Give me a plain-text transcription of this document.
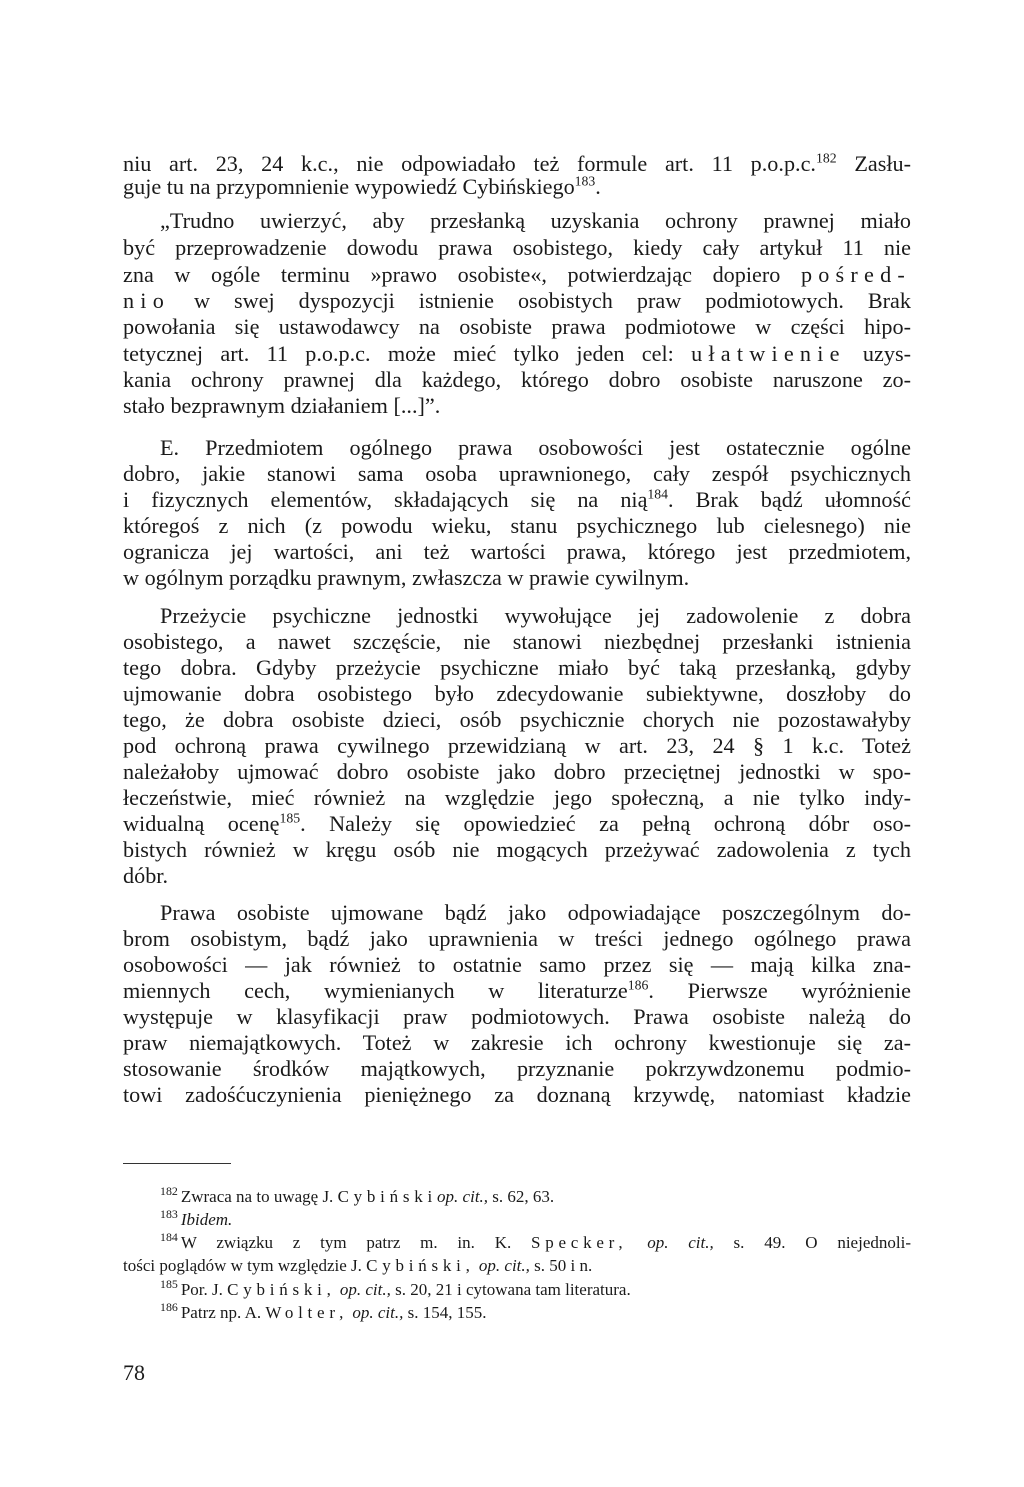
niu art. 23, 24 k.c., nie odpowiadało też formule art. 11 p.o.p.c.$^{182}$ Zasłu-
guje tu na przypomnienie wypowiedź Cybińskiego$^{183}$.
„Trudno uwierzyć, aby przesłanką uzyskania ochrony prawnej miało
być przeprowadzenie dowodu prawa osobistego, kiedy cały artykuł 11 nie
zna w ogóle terminu »prawo osobiste«, potwierdzając dopiero pośred-
nio w swej dyspozycji istnienie osobistych praw podmiotowych. Brak
powołania się ustawodawcy na osobiste prawa podmiotowe w części hipo-
tetycznej art. 11 p.o.p.c. może mieć tylko jeden cel: ułatwienie uzys-
kania ochrony prawnej dla każdego, którego dobro osobiste naruszone zo-
stało bezprawnym działaniem [...]”.
E. Przedmiotem ogólnego prawa osobowości jest ostatecznie ogólne
dobro, jakie stanowi sama osoba uprawnionego, cały zespół psychicznych
i fizycznych elementów, składających się na nią$^{184}$. Brak bądź ułomność
któregoś z nich (z powodu wieku, stanu psychicznego lub cielesnego) nie
ogranicza jej wartości, ani też wartości prawa, którego jest przedmiotem,
w ogólnym porządku prawnym, zwłaszcza w prawie cywilnym.
Przeżycie psychiczne jednostki wywołujące jej zadowolenie z dobra
osobistego, a nawet szczęście, nie stanowi niezbędnej przesłanki istnienia
tego dobra. Gdyby przeżycie psychiczne miało być taką przesłanką, gdyby
ujmowanie dobra osobistego było zdecydowanie subiektywne, doszłoby do
tego, że dobra osobiste dzieci, osób psychicznie chorych nie pozostawałyby
pod ochroną prawa cywilnego przewidzianą w art. 23, 24 § 1 k.c. Toteż
należałoby ujmować dobro osobiste jako dobro przeciętnej jednostki w spo-
łeczeństwie, mieć również na względzie jego społeczną, a nie tylko indy-
widualną ocenę$^{185}$. Należy się opowiedzieć za pełną ochroną dóbr oso-
bistych również w kręgu osób nie mogących przeżywać zadowolenia z tych
dóbr.
Prawa osobiste ujmowane bądź jako odpowiadające poszczególnym do-
brom osobistym, bądź jako uprawnienia w treści jednego ogólnego prawa
osobowości — jak również to ostatnie samo przez się — mają kilka zna-
miennych cech, wymienianych w literaturze$^{186}$. Pierwsze wyróżnienie
występuje w klasyfikacji praw podmiotowych. Prawa osobiste należą do
praw niemajątkowych. Toteż w zakresie ich ochrony kwestionuje się za-
stosowanie środków majątkowych, przyznanie pokrzywdzonemu podmio-
towi zadośćuczynienia pieniężnego za doznaną krzywdę, natomiast kładzie
$^{182}$ Zwraca na to uwagę J. Cybińskiop. cit., s. 62, 63.
$^{183}$ Ibidem.
$^{184}$ W związku z tym patrz m. in. K. Specker, op. cit., s. 49. O niejednoli-
tości poglądów w tym względzie J. Cybiński, op. cit., s. 50 i n.
$^{185}$ Por. J. Cybiński, op. cit., s. 20, 21 i cytowana tam literatura.
$^{186}$ Patrz np. A. Wolter, op. cit., s. 154, 155.
78
